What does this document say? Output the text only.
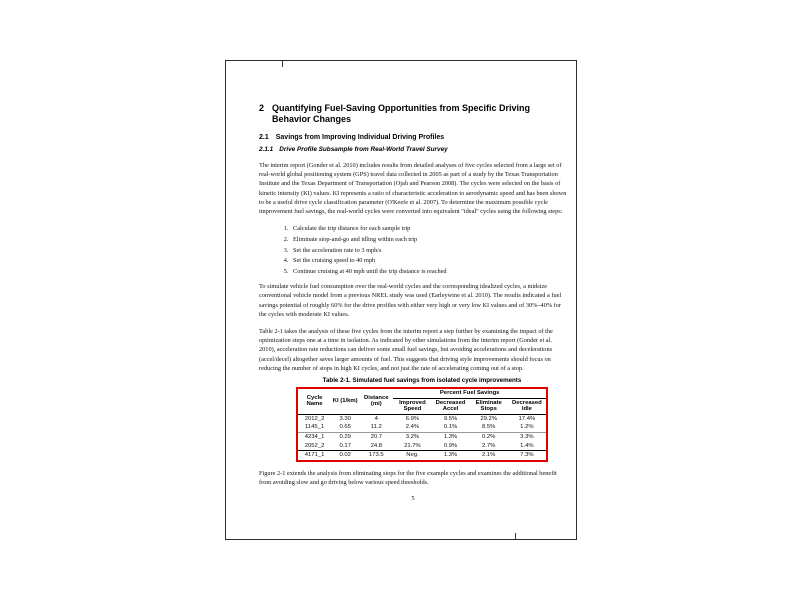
2 Quantifying Fuel-Saving Opportunities from Specific Driving Behavior Changes
2.1 Savings from Improving Individual Driving Profiles
2.1.1 Drive Profile Subsample from Real-World Travel Survey

The interim report (Gonder et al. 2010) includes results from detailed analyses of five cycles selected from a large set of real-world global positioning system (GPS) travel data collected in 2005 as part of a study by the Texas Transportation Institute and the Texas Department of Transportation (Ojah and Pearson 2008). The cycles were selected on the basis of kinetic intensity (KI) values. KI represents a ratio of characteristic acceleration to aerodynamic speed and has been shown to be a useful drive cycle classification parameter (O'Keefe et al. 2007). To determine the maximum possible cycle improvement fuel savings, the real-world cycles were converted into equivalent "ideal" cycles using the following steps:

1. Calculate the trip distance for each sample trip
2. Eliminate stop-and-go and idling within each trip
3. Set the acceleration rate to 3 mph/s
4. Set the cruising speed to 40 mph
5. Continue cruising at 40 mph until the trip distance is reached

To simulate vehicle fuel consumption over the real-world cycles and the corresponding idealized cycles, a midsize conventional vehicle model from a previous NREL study was used (Earleywine et al. 2010). The results indicated a fuel savings potential of roughly 60% for the drive profiles with either very high or very low KI values and of 30%–40% for the cycles with moderate KI values.

Table 2-1 takes the analysis of these five cycles from the interim report a step further by examining the impact of the optimization steps one at a time in isolation. As indicated by other simulations from the interim report (Gonder et al. 2010), acceleration rate reductions can deliver some small fuel savings, but avoiding accelerations and decelerations (accel/decel) altogether saves larger amounts of fuel. This suggests that driving style improvements should focus on reducing the number of stops in high KI cycles, and not just the rate of accelerating coming out of a stop.

Table 2-1. Simulated fuel savings from isolated cycle improvements
Cycle Name	KI (1/km)	Distance (mi)	Percent Fuel Savings			
			Improved Speed	Decreased Accel	Eliminate Stops	Decreased Idle
2012_2	3.30	4	6.9%	9.5%	29.2%	17.4%
1145_1	0.65	11.2	2.4%	0.1%	8.5%	1.2%
4234_1	0.29	20.7	3.2%	1.3%	0.2%	3.3%
2052_2	0.17	24.8	21.7%	0.9%	2.7%	1.4%
4171_1	0.02	173.5	Neg.	1.3%	2.1%	7.3%

Figure 2-1 extends the analysis from eliminating stops for the five example cycles and examines the additional benefit from avoiding slow and go driving below various speed thresholds.

5
